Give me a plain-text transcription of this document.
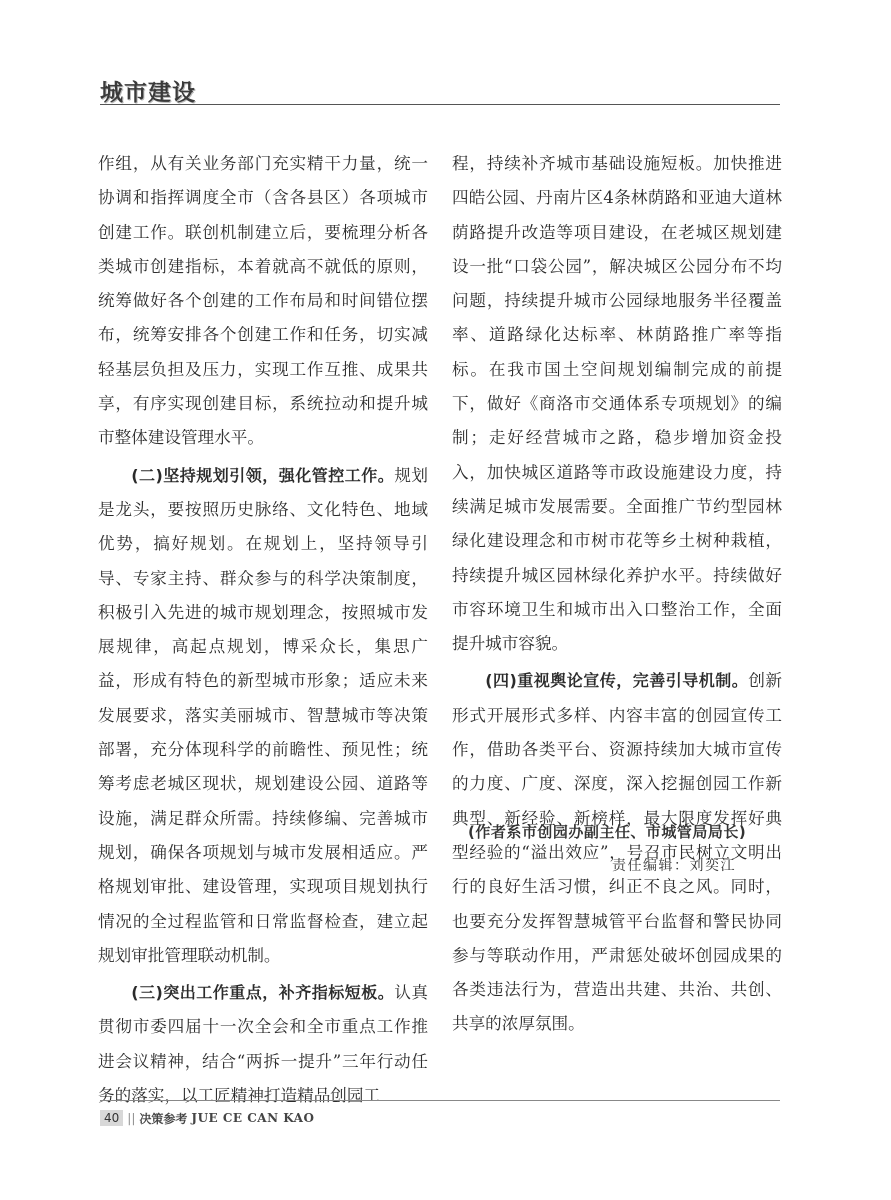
城市建设

作组，从有关业务部门充实精干力量，统一协调和指挥调度全市（含各县区）各项城市创建工作。联创机制建立后，要梳理分析各类城市创建指标，本着就高不就低的原则，统筹做好各个创建的工作布局和时间错位摆布，统筹安排各个创建工作和任务，切实减轻基层负担及压力，实现工作互推、成果共享，有序实现创建目标，系统拉动和提升城市整体建设管理水平。

(二)坚持规划引领，强化管控工作。规划是龙头，要按照历史脉络、文化特色、地域优势，搞好规划。在规划上，坚持领导引导、专家主持、群众参与的科学决策制度，积极引入先进的城市规划理念，按照城市发展规律，高起点规划，博采众长，集思广益，形成有特色的新型城市形象；适应未来发展要求，落实美丽城市、智慧城市等决策部署，充分体现科学的前瞻性、预见性；统筹考虑老城区现状，规划建设公园、道路等设施，满足群众所需。持续修编、完善城市规划，确保各项规划与城市发展相适应。严格规划审批、建设管理，实现项目规划执行情况的全过程监管和日常监督检查，建立起规划审批管理联动机制。

(三)突出工作重点，补齐指标短板。认真贯彻市委四届十一次全会和全市重点工作推进会议精神，结合“两拆一提升”三年行动任务的落实，以工匠精神打造精品创园工

程，持续补齐城市基础设施短板。加快推进四皓公园、丹南片区4条林荫路和亚迪大道林荫路提升改造等项目建设，在老城区规划建设一批“口袋公园”，解决城区公园分布不均问题，持续提升城市公园绿地服务半径覆盖率、道路绿化达标率、林荫路推广率等指标。在我市国土空间规划编制完成的前提下，做好《商洛市交通体系专项规划》的编制；走好经营城市之路，稳步增加资金投入，加快城区道路等市政设施建设力度，持续满足城市发展需要。全面推广节约型园林绿化建设理念和市树市花等乡土树种栽植，持续提升城区园林绿化养护水平。持续做好市容环境卫生和城市出入口整治工作，全面提升城市容貌。

(四)重视舆论宣传，完善引导机制。创新形式开展形式多样、内容丰富的创园宣传工作，借助各类平台、资源持续加大城市宣传的力度、广度、深度，深入挖掘创园工作新典型、新经验、新榜样，最大限度发挥好典型经验的“溢出效应”，号召市民树立文明出行的良好生活习惯，纠正不良之风。同时，也要充分发挥智慧城管平台监督和警民协同参与等联动作用，严肃惩处破坏创园成果的各类违法行为，营造出共建、共治、共创、共享的浓厚氛围。

(作者系市创园办副主任、市城管局局长)
责任编辑：刘奕江
40 || 决策参考 JUE CE CAN KAO
